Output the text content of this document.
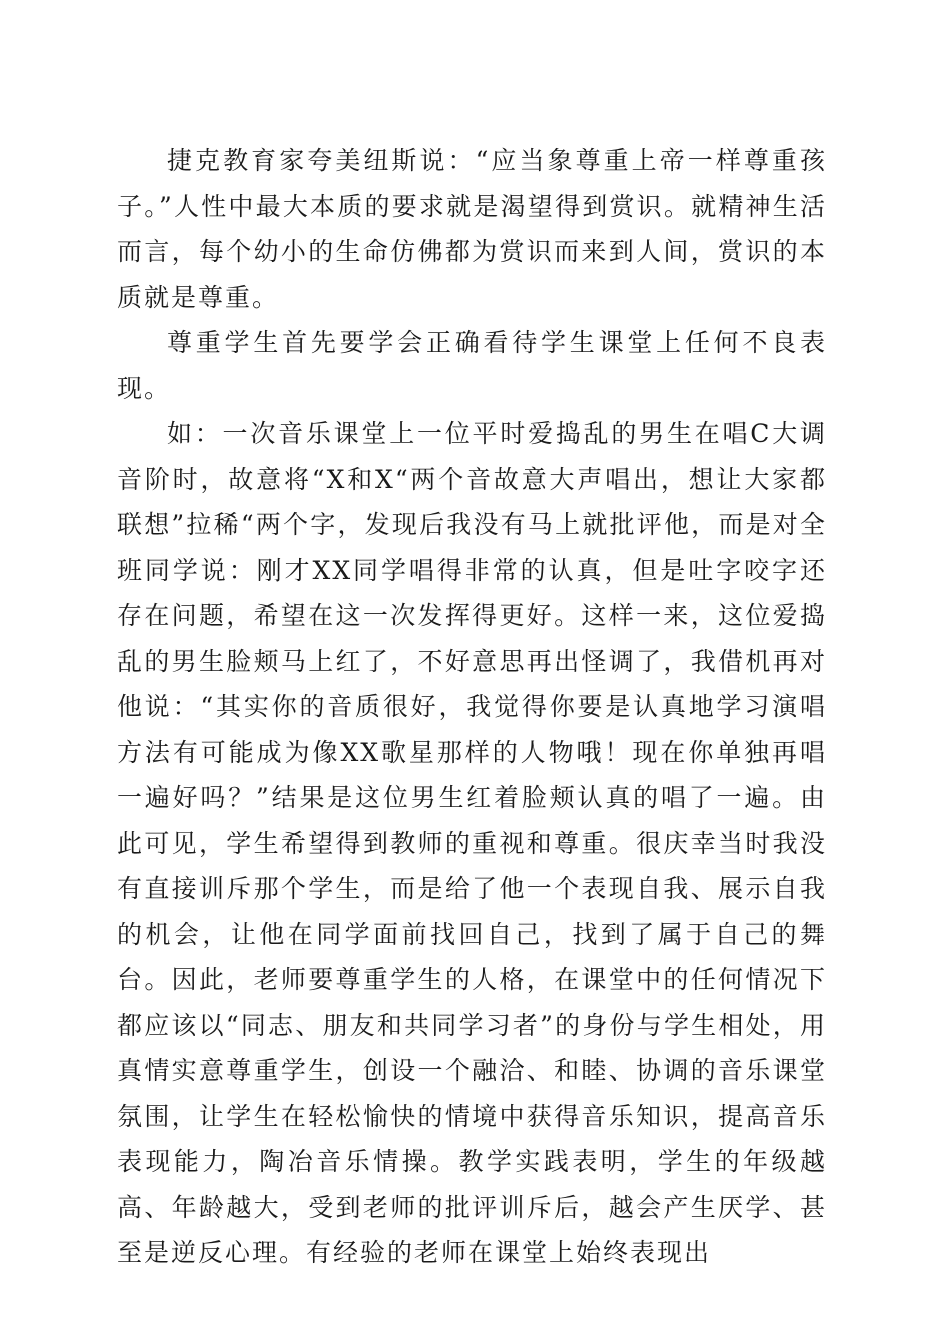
捷克教育家夸美纽斯说：“应当象尊重上帝一样尊重孩子。”人性中最大本质的要求就是渴望得到赏识。就精神生活而言，每个幼小的生命仿佛都为赏识而来到人间，赏识的本质就是尊重。

尊重学生首先要学会正确看待学生课堂上任何不良表现。

如：一次音乐课堂上一位平时爱捣乱的男生在唱C大调音阶时，故意将“X和X“两个音故意大声唱出，想让大家都联想”拉稀“两个字，发现后我没有马上就批评他，而是对全班同学说：刚才XX同学唱得非常的认真，但是吐字咬字还存在问题，希望在这一次发挥得更好。这样一来，这位爱捣乱的男生脸颊马上红了，不好意思再出怪调了，我借机再对他说：“其实你的音质很好，我觉得你要是认真地学习演唱方法有可能成为像XX歌星那样的人物哦！现在你单独再唱一遍好吗？”结果是这位男生红着脸颊认真的唱了一遍。由此可见，学生希望得到教师的重视和尊重。很庆幸当时我没有直接训斥那个学生，而是给了他一个表现自我、展示自我的机会，让他在同学面前找回自己，找到了属于自己的舞台。因此，老师要尊重学生的人格，在课堂中的任何情况下都应该以“同志、朋友和共同学习者”的身份与学生相处，用真情实意尊重学生，创设一个融洽、和睦、协调的音乐课堂氛围，让学生在轻松愉快的情境中获得音乐知识，提高音乐表现能力，陶冶音乐情操。教学实践表明，学生的年级越高、年龄越大，受到老师的批评训斥后，越会产生厌学、甚至是逆反心理。有经验的老师在课堂上始终表现出
